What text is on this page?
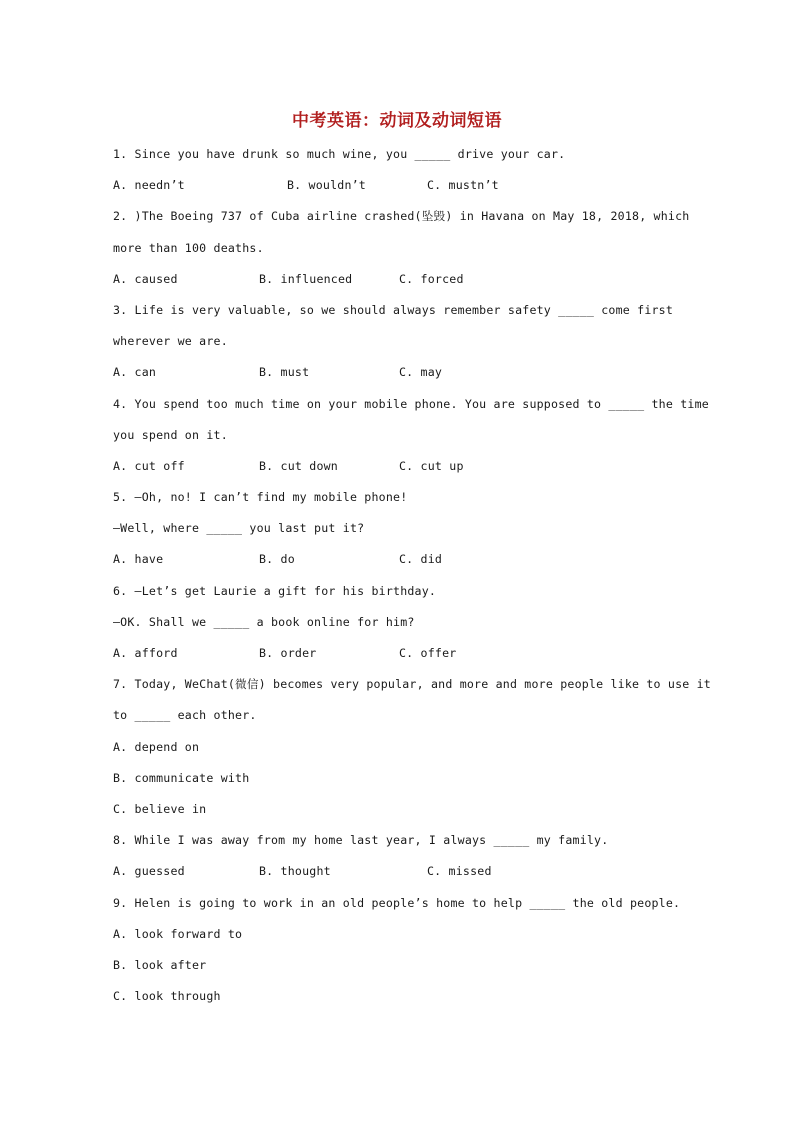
中考英语：动词及动词短语
1. Since you have drunk so much wine, you _____ drive your car.
A. needn’t	B. wouldn’t	C. mustn’t
2. )The Boeing 737 of Cuba airline crashed(坠毁) in Havana on May 18, 2018, which
more than 100 deaths.
A. caused	B. influenced	C. forced
3. Life is very valuable, so we should always remember safety _____ come first
wherever we are.
A. can	B. must	C. may
4. You spend too much time on your mobile phone. You are supposed to _____ the time
you spend on it.
A. cut off	B. cut down	C. cut up
5. —Oh, no! I can’t find my mobile phone!
—Well, where _____ you last put it?
A. have	B. do	C. did
6. —Let’s get Laurie a gift for his birthday.
—OK. Shall we _____ a book online for him?
A. afford	B. order	C. offer
7. Today, WeChat(微信) becomes very popular, and more and more people like to use it
to _____ each other.
A. depend on
B. communicate with
C. believe in
8. While I was away from my home last year, I always _____ my family.
A. guessed	B. thought	C. missed
9. Helen is going to work in an old people’s home to help _____ the old people.
A. look forward to
B. look after
C. look through
